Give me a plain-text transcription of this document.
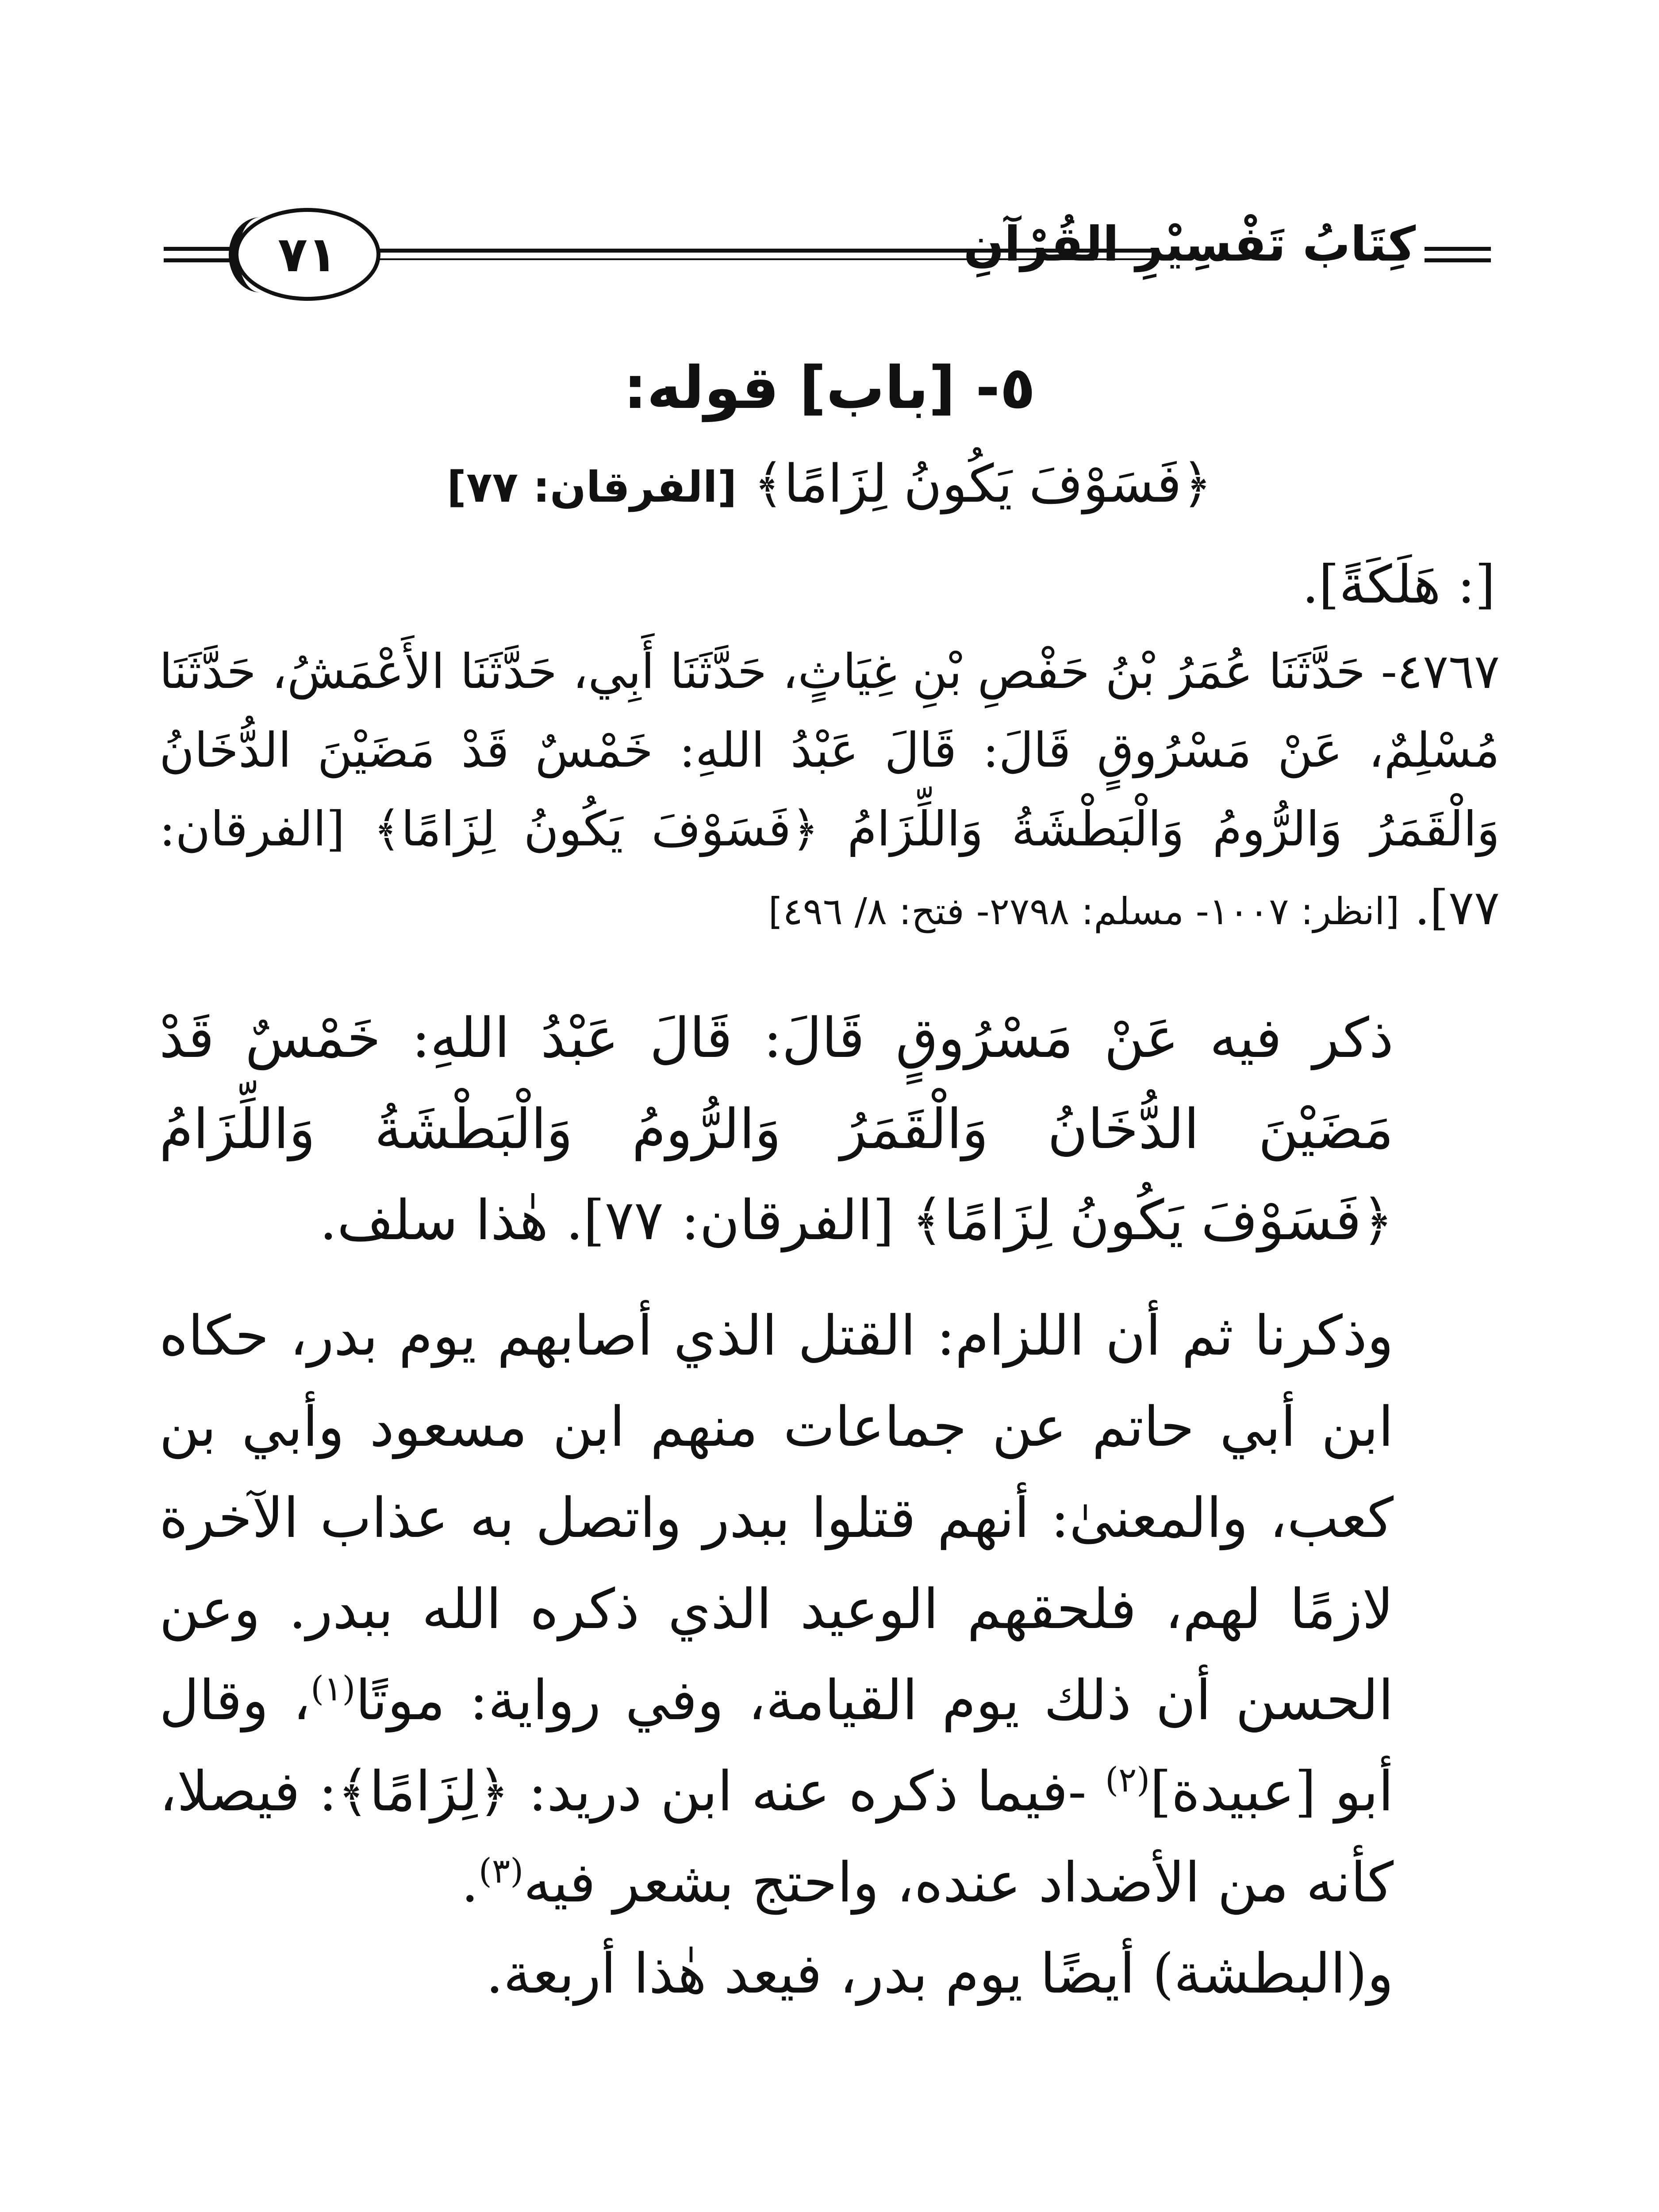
٧١	كِتَابُ تَفْسِيْرِ القُرْآنِ
٥- [باب] قوله:
﴿فَسَوْفَ يَكُونُ لِزَامًا﴾ [الفرقان: ٧٧]
[: هَلَكَةً].

٤٧٦٧- حَدَّثَنَا عُمَرُ بْنُ حَفْصِ بْنِ غِيَاثٍ، حَدَّثَنَا أَبِي، حَدَّثَنَا الأَعْمَشُ، حَدَّثَنَا مُسْلِمٌ، عَنْ مَسْرُوقٍ قَالَ: قَالَ عَبْدُ اللهِ: خَمْسٌ قَدْ مَضَيْنَ الدُّخَانُ وَالْقَمَرُ وَالرُّومُ وَالْبَطْشَةُ وَاللِّزَامُ ﴿فَسَوْفَ يَكُونُ لِزَامًا﴾ [الفرقان: ٧٧]. [انظر: ١٠٠٧- مسلم: ٢٧٩٨- فتح: ٨/ ٤٩٦]

ذكر فيه عَنْ مَسْرُوقٍ قَالَ: قَالَ عَبْدُ اللهِ: خَمْسٌ قَدْ مَضَيْنَ الدُّخَانُ وَالْقَمَرُ وَالرُّومُ وَالْبَطْشَةُ وَاللِّزَامُ ﴿فَسَوْفَ يَكُونُ لِزَامًا﴾ [الفرقان: ٧٧]. هٰذا سلف.

وذكرنا ثم أن اللزام: القتل الذي أصابهم يوم بدر، حكاه ابن أبي حاتم عن جماعات منهم ابن مسعود وأبي بن كعب، والمعنىٰ: أنهم قتلوا ببدر واتصل به عذاب الآخرة لازمًا لهم، فلحقهم الوعيد الذي ذكره الله ببدر. وعن الحسن أن ذلك يوم القيامة، وفي رواية: موتًا$^{(١)}$، وقال أبو [عبيدة]$^{(٢)}$ -فيما ذكره عنه ابن دريد: ﴿لِزَامًا﴾: فيصلا، كأنه من الأضداد عنده، واحتج بشعر فيه$^{(٣)}$.

و(البطشة) أيضًا يوم بدر، فيعد هٰذا أربعة.
